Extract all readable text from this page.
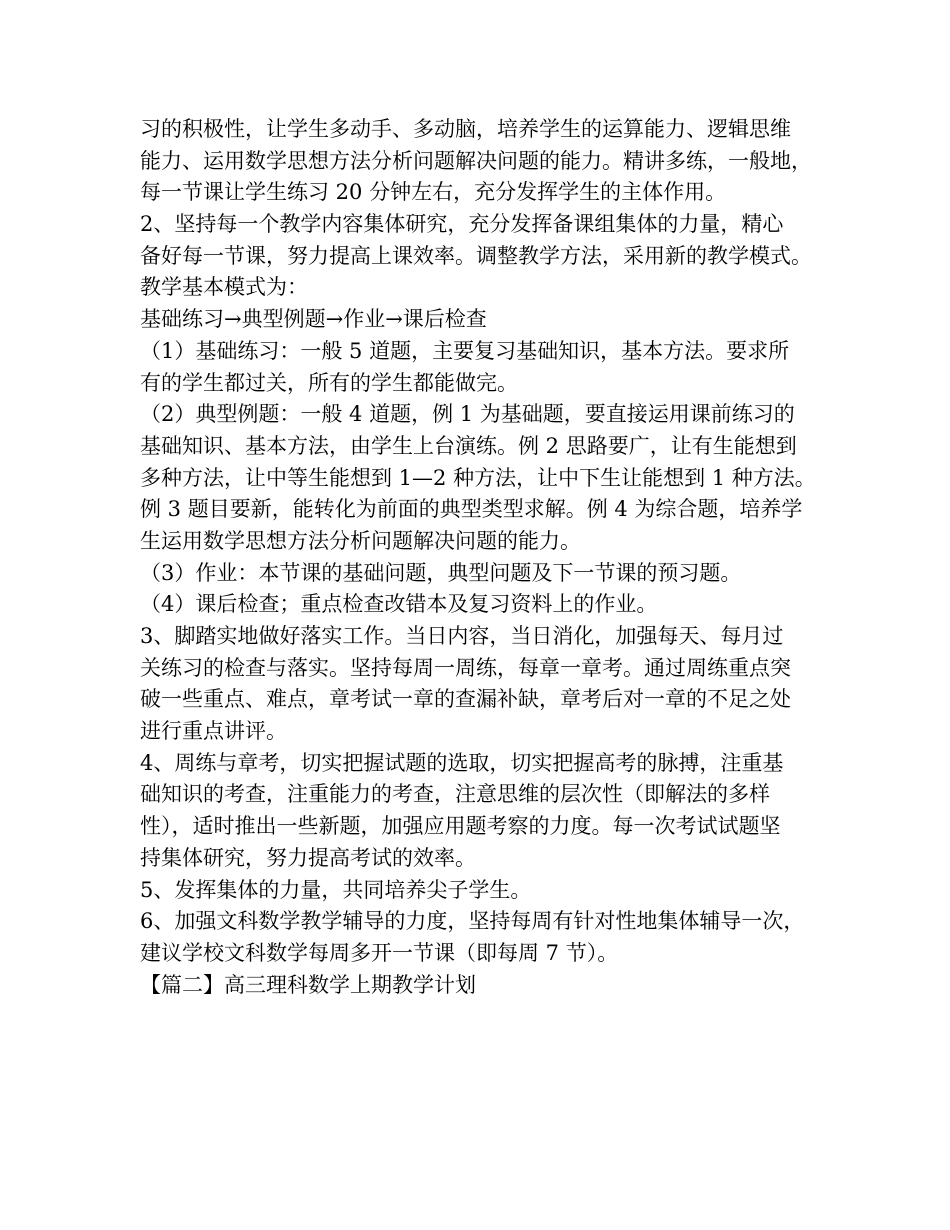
习的积极性，让学生多动手、多动脑，培养学生的运算能力、逻辑思维
能力、运用数学思想方法分析问题解决问题的能力。精讲多练，一般地，
每一节课让学生练习 20 分钟左右，充分发挥学生的主体作用。
2、坚持每一个教学内容集体研究，充分发挥备课组集体的力量，精心
备好每一节课，努力提高上课效率。调整教学方法，采用新的教学模式。
教学基本模式为：
基础练习→典型例题→作业→课后检查
（1）基础练习：一般 5 道题，主要复习基础知识，基本方法。要求所
有的学生都过关，所有的学生都能做完。
（2）典型例题：一般 4 道题，例 1 为基础题，要直接运用课前练习的
基础知识、基本方法，由学生上台演练。例 2 思路要广，让有生能想到
多种方法，让中等生能想到 1—2 种方法，让中下生让能想到 1 种方法。
例 3 题目要新，能转化为前面的典型类型求解。例 4 为综合题，培养学
生运用数学思想方法分析问题解决问题的能力。
（3）作业：本节课的基础问题，典型问题及下一节课的预习题。
（4）课后检查；重点检查改错本及复习资料上的作业。
3、脚踏实地做好落实工作。当日内容，当日消化，加强每天、每月过
关练习的检查与落实。坚持每周一周练，每章一章考。通过周练重点突
破一些重点、难点，章考试一章的查漏补缺，章考后对一章的不足之处
进行重点讲评。
4、周练与章考，切实把握试题的选取，切实把握高考的脉搏，注重基
础知识的考查，注重能力的考查，注意思维的层次性（即解法的多样
性），适时推出一些新题，加强应用题考察的力度。每一次考试试题坚
持集体研究，努力提高考试的效率。
5、发挥集体的力量，共同培养尖子学生。
6、加强文科数学教学辅导的力度，坚持每周有针对性地集体辅导一次，
建议学校文科数学每周多开一节课（即每周 7 节）。
【篇二】高三理科数学上期教学计划
